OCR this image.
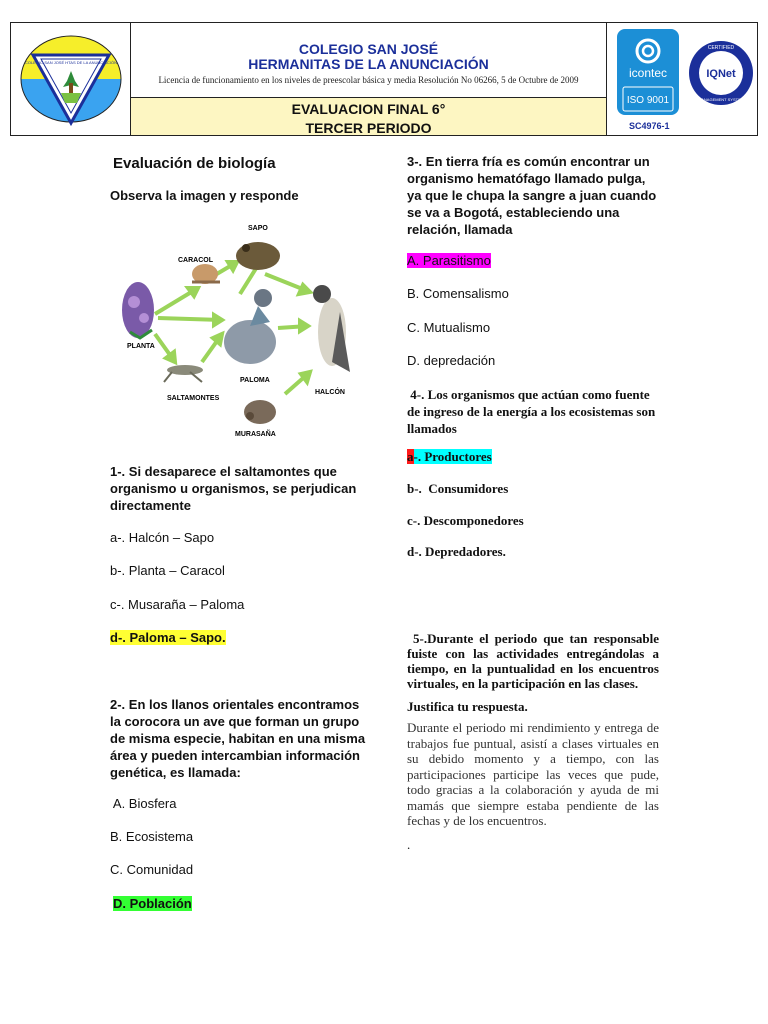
COLEGIO SAN JOSÉ HTAS DE LA ANUNCIACIÓN
COLEGIO SAN JOSÉ
HERMANITAS DE LA ANUNCIACIÓN
Licencia de funcionamiento en los niveles de preescolar básica y media Resolución No 06266, 5 de Octubre de 2009
EVALUACION FINAL 6°
TERCER PERIODO
icontec
ISO 9001
IQNet
CERTIFIED
MANAGEMENT SYSTEM
SC4976-1
Evaluación de biología
Observa la imagen y responde
PLANTA
CARACOL
SAPO
PALOMA
SALTAMONTES
MURASAÑA
HALCÓN
1-. Si desaparece el saltamontes que organismo u organismos, se perjudican directamente
a-. Halcón – Sapo
b-. Planta – Caracol
c-. Musaraña – Paloma
d-. Paloma – Sapo.
2-. En los llanos orientales encontramos la corocora un ave que forman un grupo de misma especie, habitan en una misma área y pueden intercambian información genética, es llamada:
A. Biosfera
B. Ecosistema
C. Comunidad
D. Población
3-. En tierra fría es común encontrar un organismo hematófago llamado pulga, ya que le chupa la sangre a juan cuando se va a Bogotá, estableciendo una relación, llamada
A. Parasitismo
B. Comensalismo
C. Mutualismo
D. depredación
4-. Los organismos que actúan como fuente de ingreso de la energía a los ecosistemas son llamados
a-. Productores
b-.  Consumidores
c-. Descomponedores
d-. Depredadores.
5-.Durante el periodo que tan responsable fuiste con las actividades entregándolas a tiempo, en la puntualidad en los encuentros virtuales, en la participación en las clases.
Justifica tu respuesta.
Durante el periodo mi rendimiento y entrega de trabajos fue puntual, asistí a clases virtuales en su debido momento y a tiempo, con las participaciones participe las veces que pude, todo gracias a la colaboración y ayuda de mi mamás que siempre estaba pendiente de las fechas y de los encuentros.
.
